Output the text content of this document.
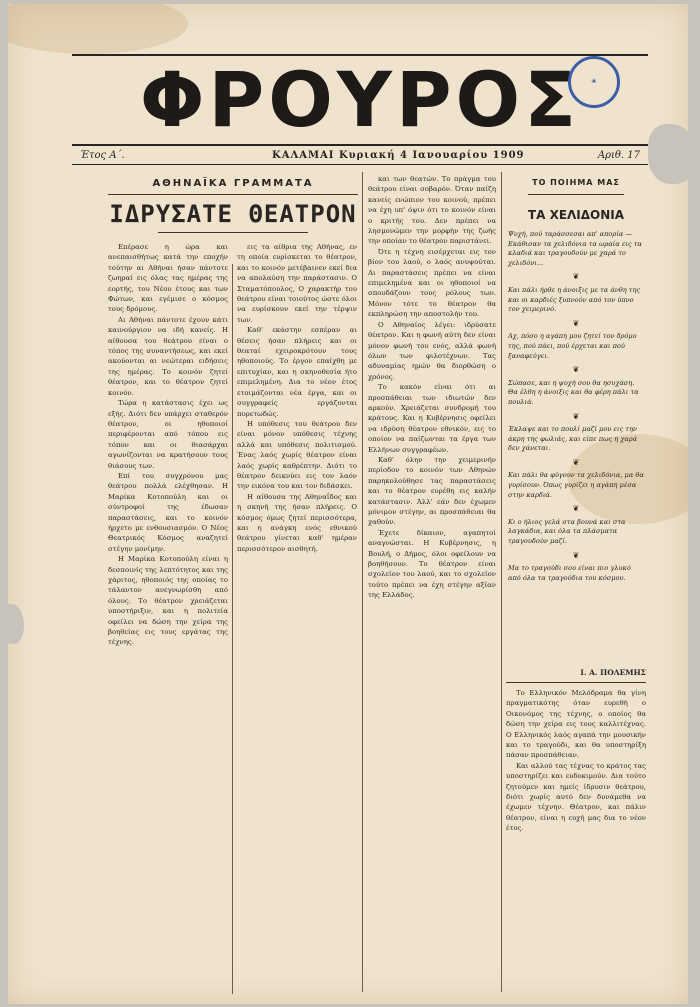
ΦΡΟΥΡΟΣ	❀
Έτος Α΄.	ΚΑΛΑΜΑΙ Κυριακή 4 Ιανουαρίου 1909	Αριθ. 17
ΑΘΗΝΑΪΚΑ ΓΡΑΜΜΑΤΑ
ΙΔΡΥΣΑΤΕ ΘΕΑΤΡΟΝ

Επέρασε η ώρα και ανεπαισθήτως κατά την εποχήν τούτην αι Αθήναι ήσαν πάντοτε ζωηραί εις όλας τας ημέρας της εορτής, του Νέου έτους και των Φώτων, και εγέμισε ο κόσμος τους δρόμους.

Αι Αθήναι πάντοτε έχουν κάτι καινούργιον να ιδή κανείς. Η αίθουσα του θεάτρου είναι ο τόπος της συναντήσεως, και εκεί ακούονται αι νεώτεραι ειδήσεις της ημέρας. Το κοινόν ζητεί θέατρον, και το θέατρον ζητεί κοινόν.

Τώρα η κατάστασις έχει ως εξής. Διότι δεν υπάρχει σταθερόν θέατρον, οι ηθοποιοί περιφέρονται από τόπου εις τόπον και οι θιασάρχαι αγωνίζονται να κρατήσουν τους θιάσους των.

Επί του συγχρόνου μας θεάτρου πολλά ελέχθησαν. Η Μαρίκα Κοτοπούλη και οι σύντροφοί της έδωσαν παραστάσεις, και το κοινόν ήρχετο με ενθουσιασμόν. Ο Νέος Θεατρικός Κόσμος αναζητεί στέγην μονίμην.

Η Μαρίκα Κοτοπούλη είναι η δεσποινίς της λεπτότητος και της χάριτος, ηθοποιός της οποίας το τάλαντον ανεγνωρίσθη από όλους. Το θέατρον χρειάζεται υποστήριξιν, και η πολιτεία οφείλει να δώση την χείρα της βοηθείας εις τους εργάτας της τέχνης.

εις τα αίθρια της Αθήνας, εν τη οποία ευρίσκεται το θέατρον, και το κοινόν μετέβαινεν εκεί δια να απολαύση την παράστασιν. Ο Σταματόπουλος, Ο χαρακτήρ του θεάτρου είναι τοιούτος ώστε όλοι να ευρίσκουν εκεί την τέρψιν των.

Καθ' εκάστην εσπέραν αι θέσεις ήσαν πλήρεις και οι θεαταί εχειροκρότουν τους ηθοποιούς. Το έργον επαίχθη με επιτυχίαν, και η σκηνοθεσία ήτο επιμελημένη. Δια το νέον έτος ετοιμάζονται νέα έργα, και οι συγγραφείς εργάζονται πυρετωδώς.

Η υπόθεσις του θεάτρου δεν είναι μόνον υπόθεσις τέχνης αλλά και υπόθεσις πολιτισμού. Ένας λαός χωρίς θέατρον είναι λαός χωρίς καθρέπτην. Διότι το θέατρον δεικνύει εις τον λαόν την εικόνα του και τον διδάσκει.

Η αίθουσα της Αθηναΐδος και η σκηνή της ήσαν πλήρεις. Ο κόσμος όμως ζητεί περισσότερα, και η ανάγκη ενός εθνικού θεάτρου γίνεται καθ' ημέραν περισσότερον αισθητή.

και των θεατών. Το πράγμα του θεάτρου είναι σοβαρόν. Όταν παίζη κανείς ενώπιον του κοινού, πρέπει να έχη υπ' όψιν ότι το κοινόν είναι ο κριτής του. Δεν πρέπει να λησμονώμεν την μορφήν της ζωής την οποίαν το θέατρον παριστάνει.

Ότε η τέχνη εισέρχεται εις τον βίον του λαού, ο λαός ανυψούται. Αι παραστάσεις πρέπει να είναι επιμελημένα και οι ηθοποιοί να σπουδάζουν τους ρόλους των. Μόνον τότε το θέατρον θα εκπληρώση την αποστολήν του.

Ο Αθηναίος λέγει: ιδρύσατε θέατρον. Και η φωνή αύτη δεν είναι μόνον φωνή του ενός, αλλά φωνή όλων των φιλοτέχνων. Τας αδυναμίας ημών θα διορθώση ο χρόνος.

Το κακόν είναι ότι αι προσπάθειαι των ιδιωτών δεν αρκούν. Χρειάζεται συνδρομή του κράτους. Και η Κυβέρνησις οφείλει να ιδρύση θέατρον εθνικόν, εις το οποίον να παίζωνται τα έργα των Ελλήνων συγγραφέων.

Καθ' όλην την χειμερινήν περίοδον το κοινόν των Αθηνών παρηκολούθησε τας παραστάσεις και το θέατρον ευρέθη εις καλήν κατάστασιν. Άλλ' εάν δεν έχωμεν μόνιμον στέγην, αι προσπάθειαι θα χαθούν.

Έχετε δίκαιον, αγαπητοί αναγνώσται. Η Κυβέρνησις, η Βουλή, ο Δήμος, όλοι οφείλουν να βοηθήσουν. Το θέατρον είναι σχολείον του λαού, και το σχολείον τούτο πρέπει να έχη στέγην αξίαν της Ελλάδος.

ΤΟ ΠΟΙΗΜΑ ΜΑΣ
ΤΑ ΧΕΛΙΔΟΝΙΑ
Ψυχή, πού ταράσσεσαι απ' απορία — Εκάθισαν τα χελιδόνια τα ωραία εις τα κλαδιά και τραγουδούν με χαρά το χελιδόνι...
❦
Και πάλι ήρθε η άνοιξις με τα άνθη της και οι καρδιές ξυπνούν από τον ύπνο τον χειμερινό.
❦
Αχ, πόσο η αγάπη μου ζητεί τον δρόμο της, πού πάει, πού έρχεται και πού ξαναφεύγει.
❦
Σώπασε, και η ψυχή σου θα ησυχάση. Θα έλθη η άνοιξις και θα φέρη πάλι τα πουλιά.
❦
Έκλαψε και το πουλί μαζί μου εις την άκρη της φωλιάς, και είπε πως η χαρά δεν χάνεται.
❦
Και πάλι θα φύγουν τα χελιδόνια, μα θα γυρίσουν. Όπως γυρίζει η αγάπη μέσα στην καρδιά.
❦
Κι ο ήλιος γελά στα βουνά και στα λαγκάδια, και όλα τα πλάσματα τραγουδούν μαζί.
❦
Μα το τραγούδι σου είναι πιο γλυκό από όλα τα τραγούδια του κόσμου.
Ι. Α. ΠΟΛΕΜΗΣ

Το Ελληνικόν Μελόδραμα θα γίνη πραγματικότης όταν ευρεθή ο Οικονόμος της τέχνης, ο οποίος θα δώση την χείρα εις τους καλλιτέχνας. Ο Ελληνικός λαός αγαπά την μουσικήν και το τραγούδι, και θα υποστηρίξη πάσαν προσπάθειαν.

Και αλλού τας τέχνας το κράτος τας υποστηρίζει και ευδοκιμούν. Δια τούτο ζητούμεν και ημείς ίδρυσιν θεάτρου, διότι χωρίς αυτό δεν δυνάμεθα να έχωμεν τέχνην. Θέατρον, και πάλιν θέατρον, είναι η ευχή μας δια το νέον έτος.
